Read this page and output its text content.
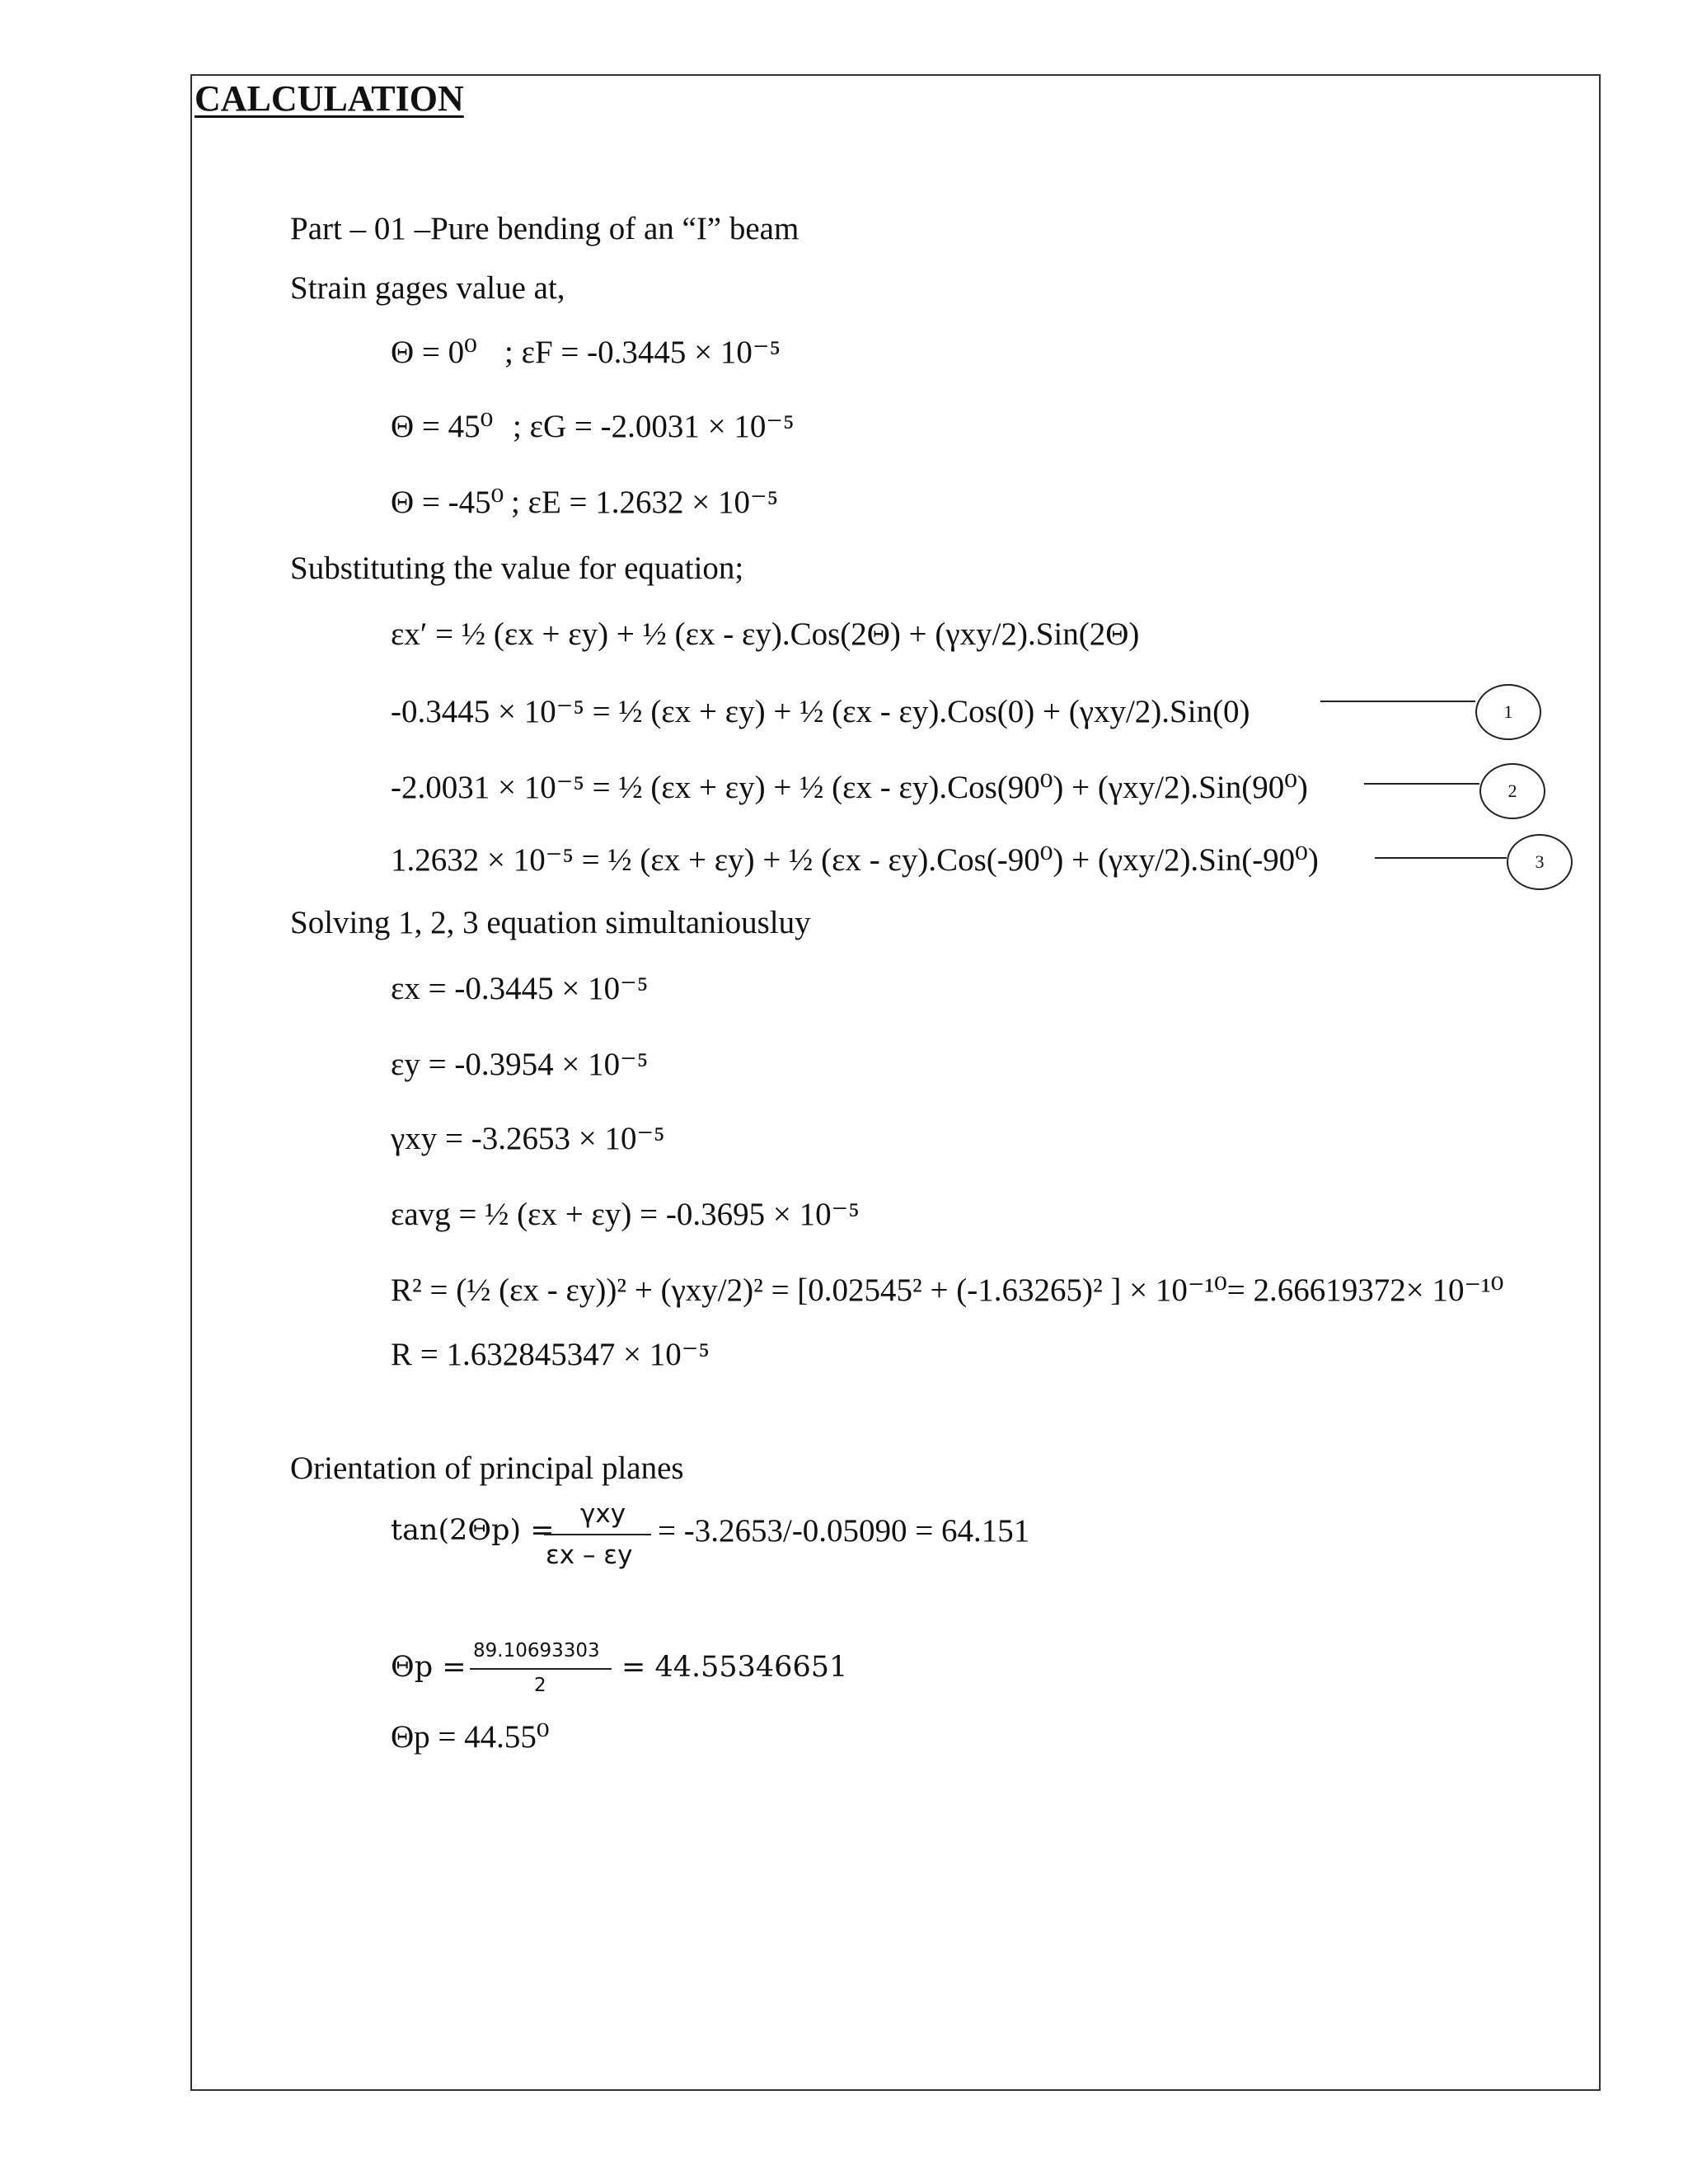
CALCULATION
Part – 01 –Pure bending of an “I” beam
Strain gages value at,
Θ = 0⁰ ; εF = -0.3445 × 10⁻⁵
Θ = 45⁰ ; εG = -2.0031 × 10⁻⁵
Θ = -45⁰ ; εE = 1.2632 × 10⁻⁵
Substituting the value for equation;
εx′ = ½ (εx + εy) + ½ (εx - εy).Cos(2Θ) + (γxy/2).Sin(2Θ)
-0.3445 × 10⁻⁵ = ½ (εx + εy) + ½ (εx - εy).Cos(0) + (γxy/2).Sin(0)	1
-2.0031 × 10⁻⁵ = ½ (εx + εy) + ½ (εx - εy).Cos(90⁰) + (γxy/2).Sin(90⁰)	2
1.2632 × 10⁻⁵ = ½ (εx + εy) + ½ (εx - εy).Cos(-90⁰) + (γxy/2).Sin(-90⁰)	3
Solving 1, 2, 3 equation simultaniousluy
εx = -0.3445 × 10⁻⁵
εy = -0.3954 × 10⁻⁵
γxy = -3.2653 × 10⁻⁵
εavg = ½ (εx + εy) = -0.3695 × 10⁻⁵
R² = (½ (εx - εy))² + (γxy/2)² = [0.02545² + (-1.63265)² ] × 10⁻¹⁰= 2.66619372× 10⁻¹⁰
R = 1.632845347 × 10⁻⁵
Orientation of principal planes
tan(2Θp) = γxy
εx – εy
= -3.2653/-0.05090 = 64.151
Θp = 89.10693303
2
= 44.55346651
Θp = 44.55⁰
